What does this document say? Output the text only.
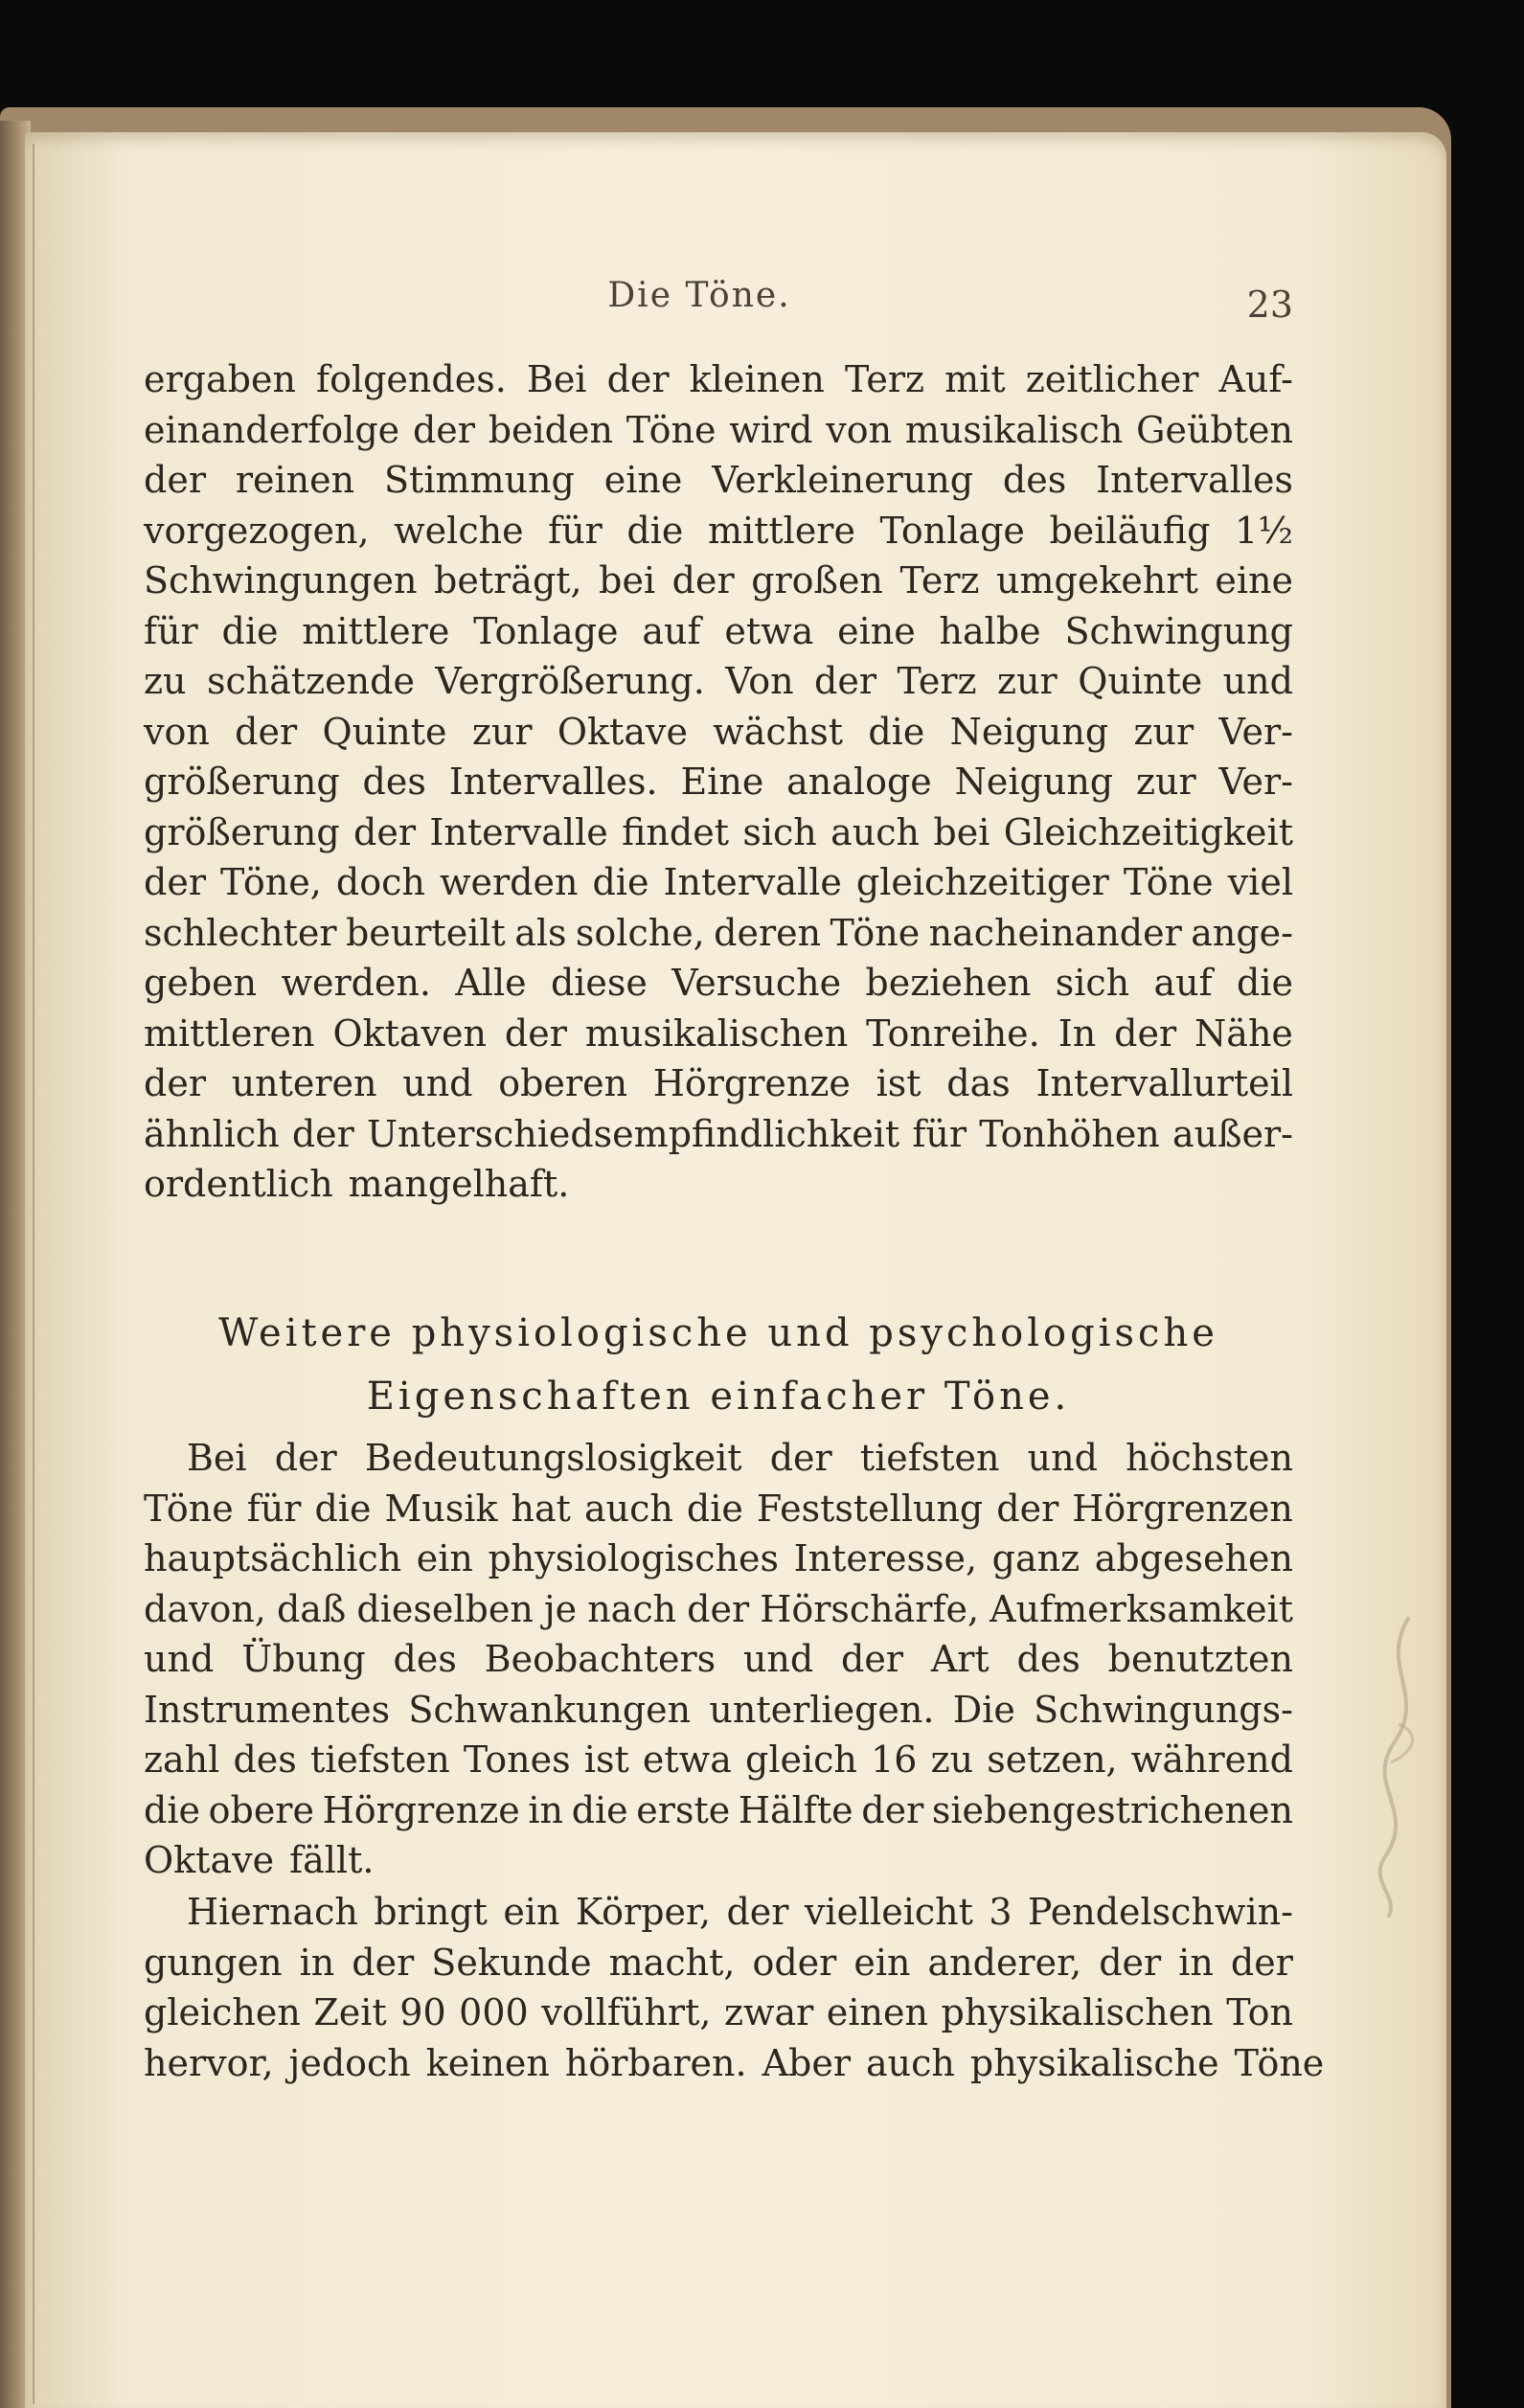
Die Töne.	23
ergaben folgendes. Bei der kleinen Terz mit zeitlicher Auf-
einanderfolge der beiden Töne wird von musikalisch Geübten
der reinen Stimmung eine Verkleinerung des Intervalles
vorgezogen, welche für die mittlere Tonlage beiläufig 1½
Schwingungen beträgt, bei der großen Terz umgekehrt eine
für die mittlere Tonlage auf etwa eine halbe Schwingung
zu schätzende Vergrößerung. Von der Terz zur Quinte und
von der Quinte zur Oktave wächst die Neigung zur Ver-
größerung des Intervalles. Eine analoge Neigung zur Ver-
größerung der Intervalle findet sich auch bei Gleichzeitigkeit
der Töne, doch werden die Intervalle gleichzeitiger Töne viel
schlechter beurteilt als solche, deren Töne nacheinander ange-
geben werden. Alle diese Versuche beziehen sich auf die
mittleren Oktaven der musikalischen Tonreihe. In der Nähe
der unteren und oberen Hörgrenze ist das Intervallurteil
ähnlich der Unterschiedsempfindlichkeit für Tonhöhen außer-
ordentlich mangelhaft.
Weitere physiologische und psychologische
Eigenschaften einfacher Töne.
Bei der Bedeutungslosigkeit der tiefsten und höchsten
Töne für die Musik hat auch die Feststellung der Hörgrenzen
hauptsächlich ein physiologisches Interesse, ganz abgesehen
davon, daß dieselben je nach der Hörschärfe, Aufmerksamkeit
und Übung des Beobachters und der Art des benutzten
Instrumentes Schwankungen unterliegen. Die Schwingungs-
zahl des tiefsten Tones ist etwa gleich 16 zu setzen, während
die obere Hörgrenze in die erste Hälfte der siebengestrichenen
Oktave fällt.
Hiernach bringt ein Körper, der vielleicht 3 Pendelschwin-
gungen in der Sekunde macht, oder ein anderer, der in der
gleichen Zeit 90 000 vollführt, zwar einen physikalischen Ton
hervor, jedoch keinen hörbaren. Aber auch physikalische Töne
